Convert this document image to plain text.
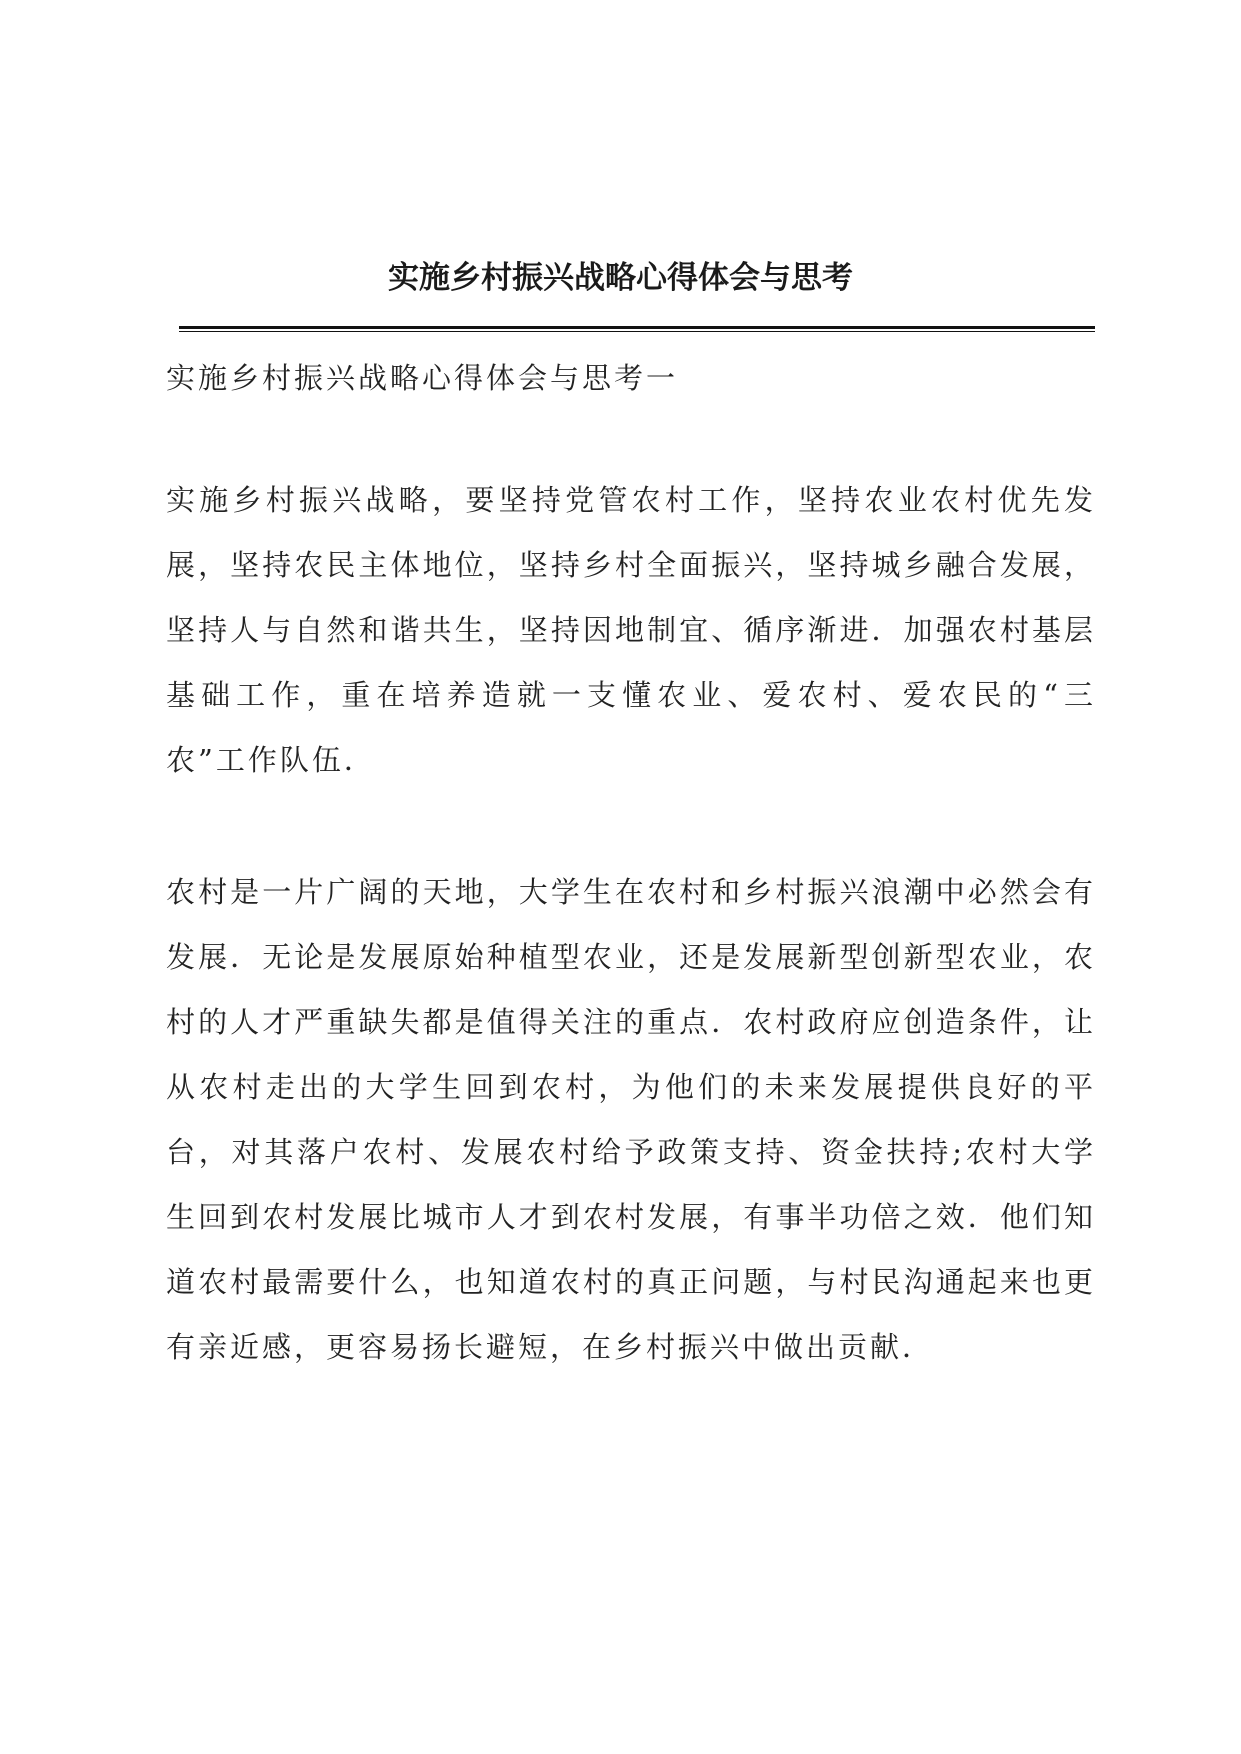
实施乡村振兴战略心得体会与思考

实施乡村振兴战略心得体会与思考一

实施乡村振兴战略，要坚持党管农村工作，坚持农业农村优先发展，坚持农民主体地位，坚持乡村全面振兴，坚持城乡融合发展，坚持人与自然和谐共生，坚持因地制宜、循序渐进．加强农村基层基础工作，重在培养造就一支懂农业、爱农村、爱农民的“三农”工作队伍．

农村是一片广阔的天地，大学生在农村和乡村振兴浪潮中必然会有发展．无论是发展原始种植型农业，还是发展新型创新型农业，农村的人才严重缺失都是值得关注的重点．农村政府应创造条件，让从农村走出的大学生回到农村，为他们的未来发展提供良好的平台，对其落户农村、发展农村给予政策支持、资金扶持;农村大学生回到农村发展比城市人才到农村发展，有事半功倍之效．他们知道农村最需要什么，也知道农村的真正问题，与村民沟通起来也更有亲近感，更容易扬长避短，在乡村振兴中做出贡献．
